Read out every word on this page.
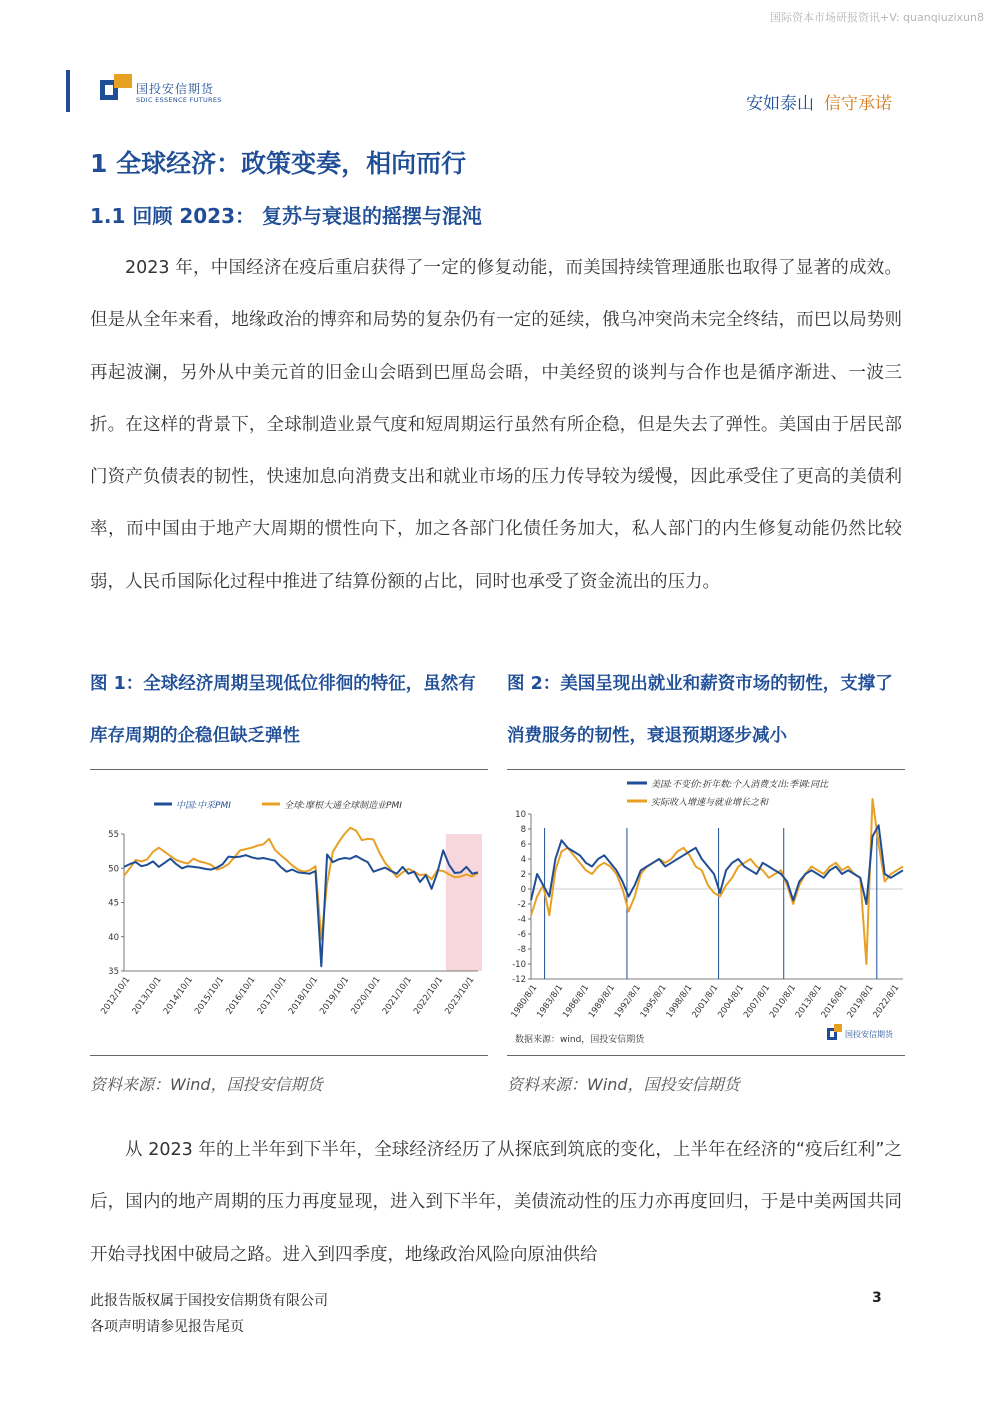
国际资本市场研报资讯+V: quanqiuzixun8
国投安信期货
SDIC ESSENCE FUTURES	安如泰山 信守承诺
1 全球经济：政策变奏，相向而行
1.1 回顾 2023： 复苏与衰退的摇摆与混沌

2023 年，中国经济在疫后重启获得了一定的修复动能，而美国持续管理通胀也取得了显著的成效。但是从全年来看，地缘政治的博弈和局势的复杂仍有一定的延续，俄乌冲突尚未完全终结，而巴以局势则再起波澜，另外从中美元首的旧金山会晤到巴厘岛会晤，中美经贸的谈判与合作也是循序渐进、一波三折。在这样的背景下，全球制造业景气度和短周期运行虽然有所企稳，但是失去了弹性。美国由于居民部门资产负债表的韧性，快速加息向消费支出和就业市场的压力传导较为缓慢，因此承受住了更高的美债利率，而中国由于地产大周期的惯性向下，加之各部门化债任务加大，私人部门的内生修复动能仍然比较弱，人民币国际化过程中推进了结算份额的占比，同时也承受了资金流出的压力。

图 1：全球经济周期呈现低位徘徊的特征，虽然有库存周期的企稳但缺乏弹性

图 2：美国呈现出就业和薪资市场的韧性，支撑了消费服务的韧性，衰退预期逐步减小

中国:中采PMI	全球:摩根大通全球制造业PMI
35
40
45
50
55
2012/10/1
2013/10/1
2014/10/1
2015/10/1
2016/10/1
2017/10/1
2018/10/1
2019/10/1
2020/10/1
2021/10/1
2022/10/1
2023/10/1
美国:不变价:折年数:个人消费支出:季调:同比
实际收入增速与就业增长之和
-12
-10
-8
-6
-4
-2
0
2
4
6
8
10
1980/8/1
1983/8/1
1986/8/1
1989/8/1
1992/8/1
1995/8/1
1998/8/1
2001/8/1
2004/8/1
2007/8/1
2010/8/1
2013/8/1
2016/8/1
2019/8/1
2022/8/1
数据来源：wind，国投安信期货
国投安信期货
资料来源：Wind，国投安信期货	资料来源：Wind，国投安信期货

从 2023 年的上半年到下半年，全球经济经历了从探底到筑底的变化，上半年在经济的“疫后红利”之后，国内的地产周期的压力再度显现，进入到下半年，美债流动性的压力亦再度回归，于是中美两国共同开始寻找困中破局之路。进入到四季度，地缘政治风险向原油供给

此报告版权属于国投安信期货有限公司
各项声明请参见报告尾页
3
